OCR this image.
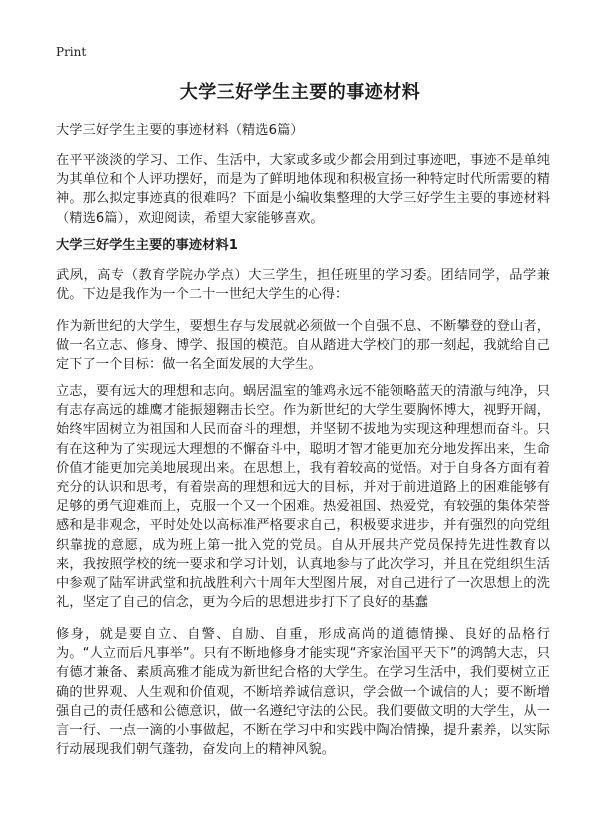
Print
大学三好学生主要的事迹材料

大学三好学生主要的事迹材料（精选6篇）

在平平淡淡的学习、工作、生活中，大家或多或少都会用到过事迹吧，事迹不是单纯为其单位和个人评功摆好，而是为了鲜明地体现和积极宣扬一种特定时代所需要的精神。那么拟定事迹真的很难吗？下面是小编收集整理的大学三好学生主要的事迹材料（精选6篇），欢迎阅读，希望大家能够喜欢。

大学三好学生主要的事迹材料1

武夙，高专（教育学院办学点）大三学生，担任班里的学习委。团结同学，品学兼优。下边是我作为一个二十一世纪大学生的心得：

作为新世纪的大学生，要想生存与发展就必须做一个自强不息、不断攀登的登山者，做一名立志、修身、博学、报国的模范。自从踏进大学校门的那一刻起，我就给自己定下了一个目标：做一名全面发展的大学生。

立志，要有远大的理想和志向。蜗居温室的雏鸡永远不能领略蓝天的清澈与纯净，只有志存高远的雄鹰才能振翅翱击长空。作为新世纪的大学生要胸怀博大，视野开阔，始终牢固树立为祖国和人民而奋斗的理想，并坚韧不拔地为实现这种理想而奋斗。只有在这种为了实现远大理想的不懈奋斗中，聪明才智才能更加充分地发挥出来，生命价值才能更加完美地展现出来。在思想上，我有着较高的觉悟。对于自身各方面有着充分的认识和思考，有着崇高的理想和远大的目标，并对于前进道路上的困难能够有足够的勇气迎难而上，克服一个又一个困难。热爱祖国、热爱党，有较强的集体荣誉感和是非观念，平时处处以高标准严格要求自己，积极要求进步，并有强烈的向党组织靠拢的意愿，成为班上第一批入党的党员。自从开展共产党员保持先进性教育以来，我按照学校的统一要求和学习计划，认真地参与了此次学习，并且在党组织生活中参观了陆军讲武堂和抗战胜利六十周年大型图片展，对自己进行了一次思想上的洗礼，坚定了自己的信念，更为今后的思想进步打下了良好的基蠢

修身，就是要自立、自警、自励、自重，形成高尚的道德情操、良好的品格行为。“人立而后凡事举”。只有不断地修身才能实现“齐家治国平天下”的鸿鹄大志，只有德才兼备、素质高雅才能成为新世纪合格的大学生。在学习生活中，我们要树立正确的世界观、人生观和价值观，不断培养诚信意识，学会做一个诚信的人；要不断增强自己的责任感和公德意识，做一名遵纪守法的公民。我们要做文明的大学生，从一言一行、一点一滴的小事做起，不断在学习中和实践中陶冶情操，提升素养，以实际行动展现我们朝气蓬勃，奋发向上的精神风貌。
